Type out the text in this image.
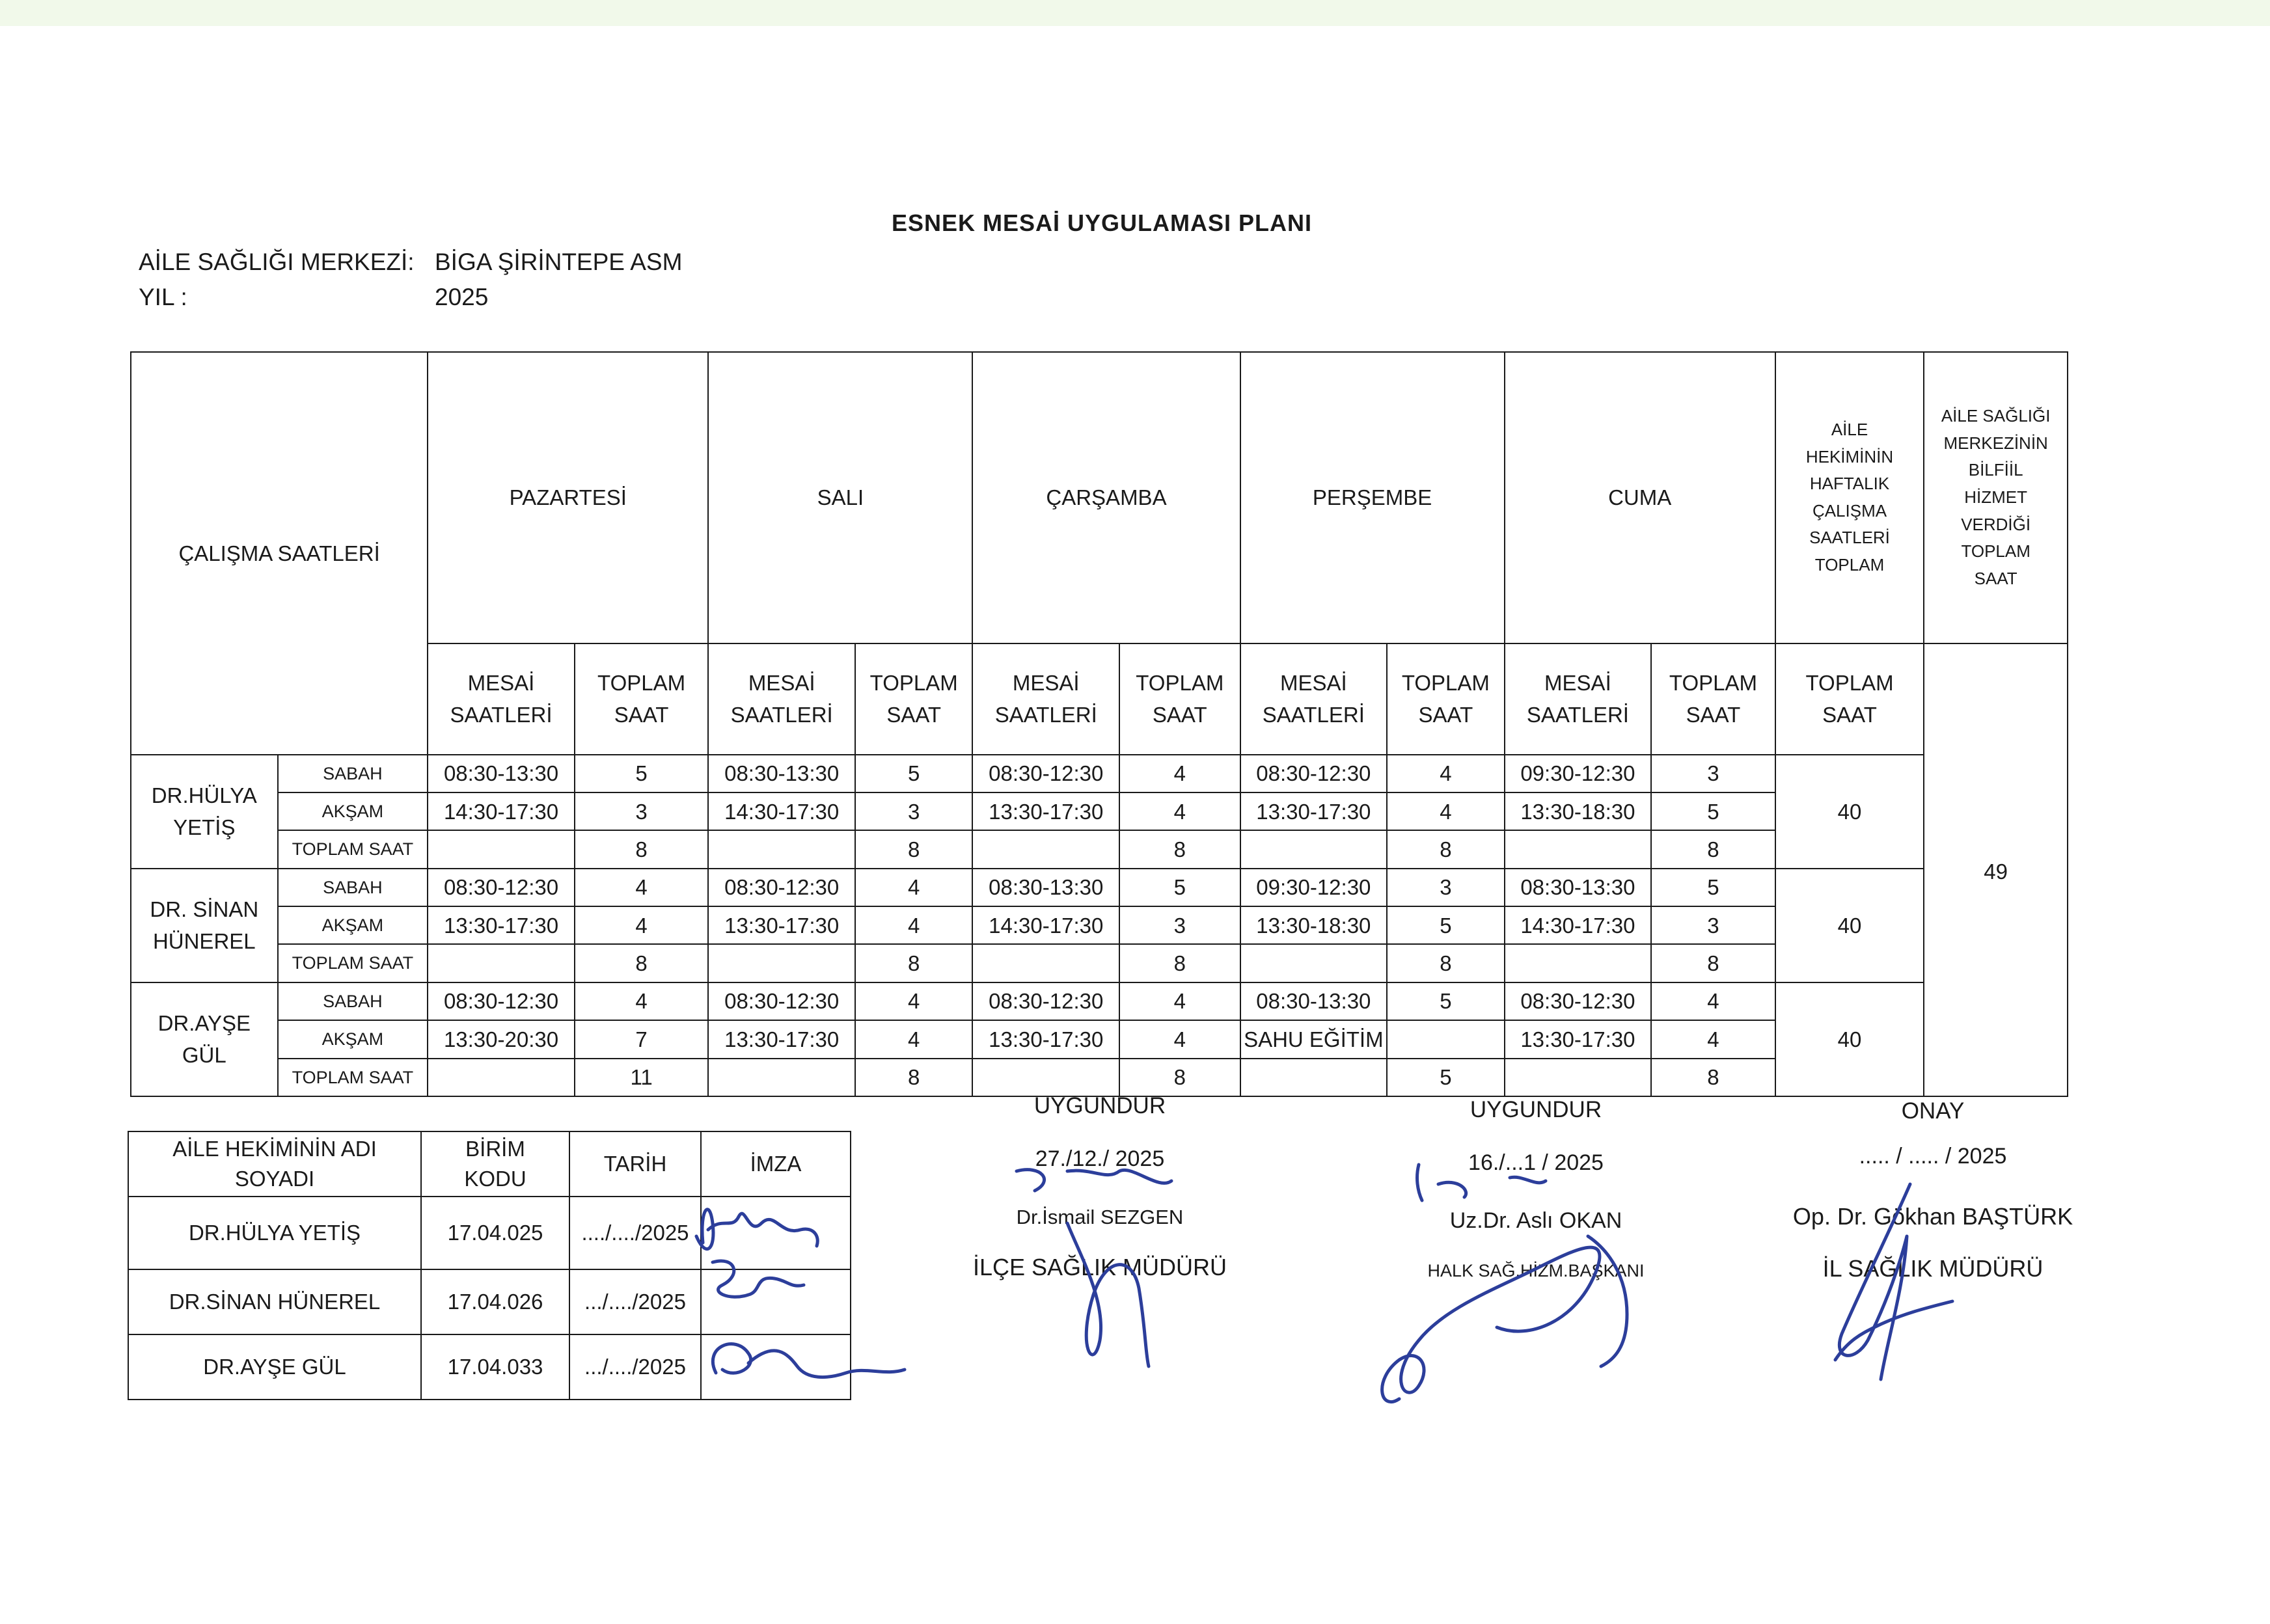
ESNEK MESAİ UYGULAMASI PLANI
AİLE SAĞLIĞI MERKEZİ: BİGA ŞİRİNTEPE ASM
YIL :	2025
ÇALIŞMA SAATLERİ		PAZARTESİ		SALI		ÇARŞAMBA		PERŞEMBE		CUMA		AİLE HEKİMİNİN HAFTALIK ÇALIŞMA SAATLERİ TOPLAM	AİLE SAĞLIĞI MERKEZİNİN BİLFİİL HİZMET VERDİĞİ TOPLAM SAAT
		MESAİ SAATLERİ	TOPLAM SAAT	MESAİ SAATLERİ	TOPLAM SAAT	MESAİ SAATLERİ	TOPLAM SAAT	MESAİ SAATLERİ	TOPLAM SAAT	MESAİ SAATLERİ	TOPLAM SAAT	TOPLAM SAAT	49
DR.HÜLYA YETİŞ	SABAH	08:30-13:30	5	08:30-13:30	5	08:30-12:30	4	08:30-12:30	4	09:30-12:30	3	40	
	AKŞAM	14:30-17:30	3	14:30-17:30	3	13:30-17:30	4	13:30-17:30	4	13:30-18:30	5		
	TOPLAM SAAT		8		8		8		8		8		
DR. SİNAN HÜNEREL	SABAH	08:30-12:30	4	08:30-12:30	4	08:30-13:30	5	09:30-12:30	3	08:30-13:30	5	40	
	AKŞAM	13:30-17:30	4	13:30-17:30	4	14:30-17:30	3	13:30-18:30	5	14:30-17:30	3		
	TOPLAM SAAT		8		8		8		8		8		
DR.AYŞE GÜL	SABAH	08:30-12:30	4	08:30-12:30	4	08:30-12:30	4	08:30-13:30	5	08:30-12:30	4	40	
	AKŞAM	13:30-20:30	7	13:30-17:30	4	13:30-17:30	4	SAHU EĞİTİM		13:30-17:30	4		
	TOPLAM SAAT		11		8		8		5		8		
AİLE HEKİMİNİN ADI SOYADI	BİRİM KODU	TARİH	İMZA
DR.HÜLYA YETİŞ	17.04.025	..../..../2025	
DR.SİNAN HÜNEREL	17.04.026	.../..../2025	
DR.AYŞE GÜL	17.04.033	.../..../2025	
UYGUNDUR
27./12./ 2025
Dr.İsmail SEZGEN
İLÇE SAĞLIK MÜDÜRÜ
UYGUNDUR
16./...1 / 2025
Uz.Dr. Aslı OKAN
HALK SAĞ.HİZM.BAŞKANI
ONAY
..... / ..... / 2025
Op. Dr. Gökhan BAŞTÜRK
İL SAĞLIK MÜDÜRÜ
